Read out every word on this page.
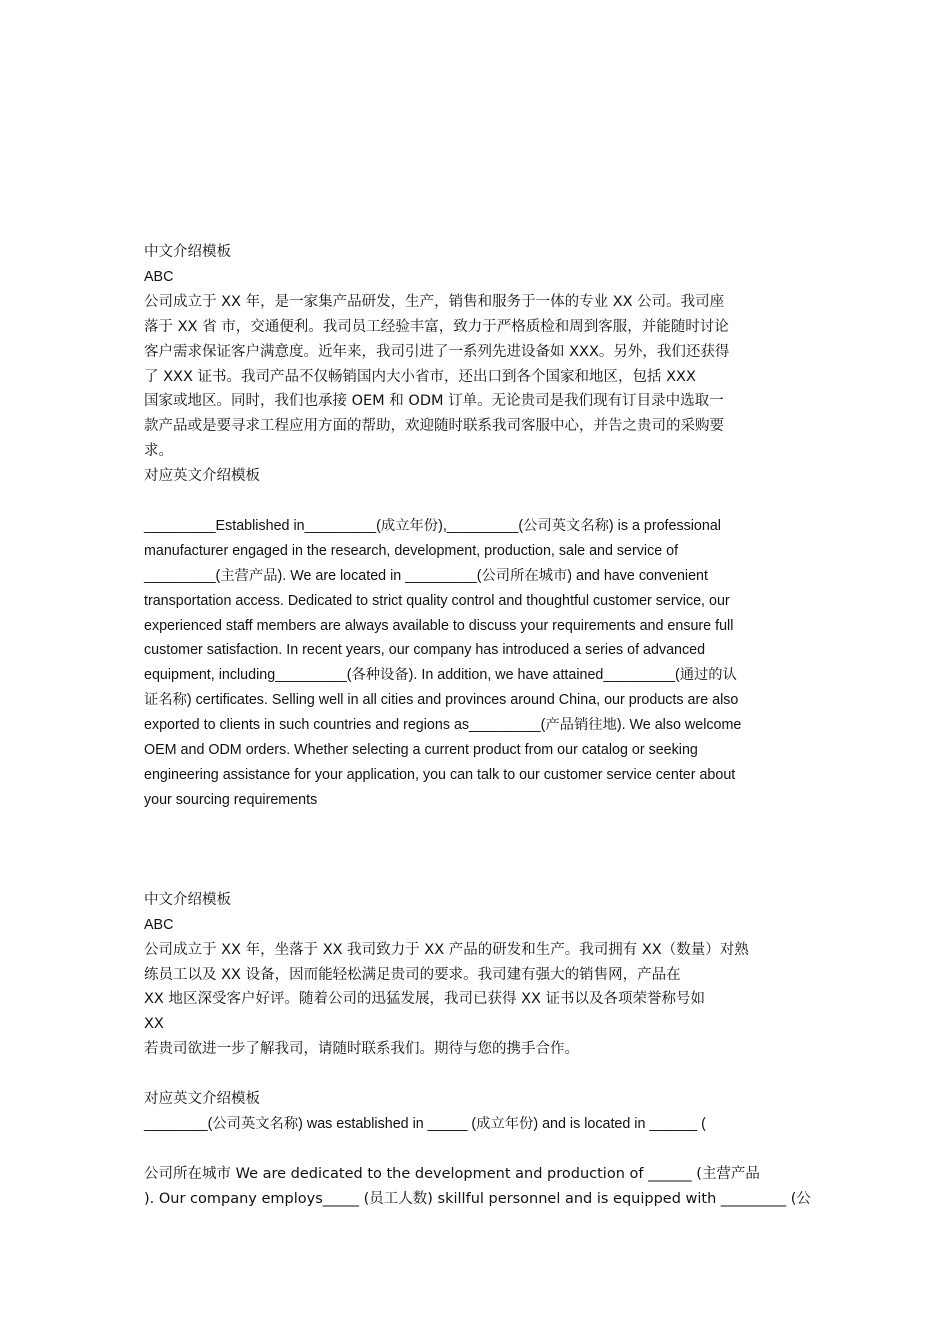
中文介绍模板
ABC

公司成立于 XX 年，是一家集产品研发，生产，销售和服务于一体的专业 XX 公司。我司座

落于 XX 省 市，交通便利。我司员工经验丰富，致力于严格质检和周到客服，并能随时讨论

客户需求保证客户满意度。近年来，我司引进了一系列先进设备如 XXX。另外，我们还获得

了 XXX 证书。我司产品不仅畅销国内大小省市，还出口到各个国家和地区，包括 XXX

国家或地区。同时，我们也承接 OEM 和 ODM 订单。无论贵司是我们现有订目录中选取一

款产品或是要寻求工程应用方面的帮助，欢迎随时联系我司客服中心，并告之贵司的采购要

求。

对应英文介绍模板

_________Established in_________(成立年份),_________(公司英文名称) is a professional

manufacturer engaged in the research, development, production, sale and service of

_________(主营产品). We are located in _________(公司所在城市) and have convenient

transportation access. Dedicated to strict quality control and thoughtful customer service, our

experienced staff members are always available to discuss your requirements and ensure full

customer satisfaction. In recent years, our company has introduced a series of advanced

equipment, including_________(各种设备). In addition, we have attained_________(通过的认

证名称) certificates. Selling well in all cities and provinces around China, our products are also

exported to clients in such countries and regions as_________(产品销往地). We also welcome

OEM and ODM orders. Whether selecting a current product from our catalog or seeking

engineering assistance for your application, you can talk to our customer service center about

your sourcing requirements

中文介绍模板
ABC
公司成立于 XX 年，坐落于 XX 我司致力于 XX 产品的研发和生产。我司拥有 XX（数量）对熟
练员工以及 XX 设备，因而能轻松满足贵司的要求。我司建有强大的销售网，产品在
XX 地区深受客户好评。随着公司的迅猛发展，我司已获得 XX 证书以及各项荣誉称号如
XX
若贵司欲进一步了解我司，请随时联系我们。期待与您的携手合作。
对应英文介绍模板
________(公司英文名称) was established in _____ (成立年份) and is located in ______ (
公司所在城市 We are dedicated to the development and production of ______ (主营产品
). Our company employs_____ (员工人数) skillful personnel and is equipped with _________ (公
